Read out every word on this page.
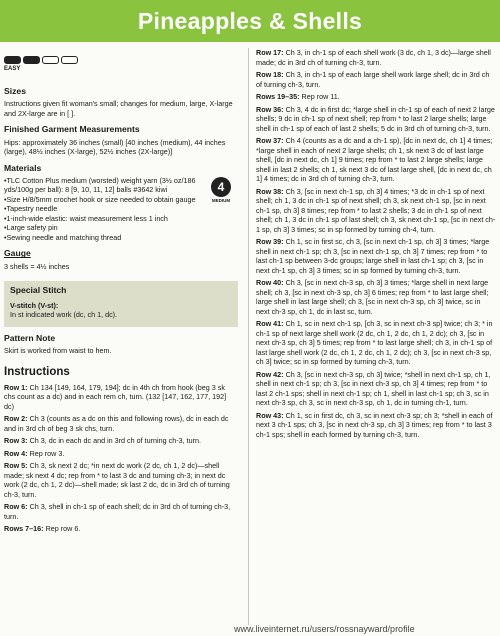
Pineapples & Shells
EASY
Sizes

Instructions given fit woman's small; changes for medium, large, X-large and 2X-large are in [ ].

Finished Garment Measurements

Hips: approximately 36 inches (small) [40 inches (medium), 44 inches (large), 48½ inches (X-large), 52½ inches (2X-large)]

Materials
4
MEDIUM
•TLC Cotton Plus medium (worsted) weight yarn (3½ oz/186 yds/100g per ball): 8 [9, 10, 11, 12] balls #3642 kiwi
•Size H/8/5mm crochet hook or size needed to obtain gauge
•Tapestry needle
•1-inch-wide elastic: waist measurement less 1 inch
•Large safety pin
•Sewing needle and matching thread
Gauge

3 shells = 4½ inches

Special Stitch

V-stitch (V-st):

In st indicated work (dc, ch 1, dc).

Pattern Note

Skirt is worked from waist to hem.

Instructions

Row 1: Ch 134 [149, 164, 179, 194]; dc in 4th ch from hook (beg 3 sk chs count as a dc) and in each rem ch, turn. (132 [147, 162, 177, 192] dc)

Row 2: Ch 3 (counts as a dc on this and following rows), dc in each dc and in 3rd ch of beg 3 sk chs, turn.

Row 3: Ch 3, dc in each dc and in 3rd ch of turning ch-3, turn.

Row 4: Rep row 3.

Row 5: Ch 3, sk next 2 dc; *in next dc work (2 dc, ch 1, 2 dc)—shell made; sk next 4 dc; rep from * to last 3 dc and turning ch-3; in next dc work (2 dc, ch 1, 2 dc)—shell made; sk last 2 dc, dc in 3rd ch of turning ch-3, turn.

Row 6: Ch 3, shell in ch-1 sp of each shell; dc in 3rd ch of turning ch-3, turn.

Rows 7–16: Rep row 6.

Row 17: Ch 3, in ch-1 sp of each shell work (3 dc, ch 1, 3 dc)—large shell made; dc in 3rd ch of turning ch-3, turn.

Row 18: Ch 3, in ch-1 sp of each large shell work large shell; dc in 3rd ch of turning ch-3, turn.

Rows 19–35: Rep row 11.

Row 36: Ch 3, 4 dc in first dc; *large shell in ch-1 sp of each of next 2 large shells; 9 dc in ch-1 sp of next shell; rep from * to last 2 large shells; large shell in ch-1 sp of each of last 2 shells; 5 dc in 3rd ch of turning ch-3, turn.

Row 37: Ch 4 (counts as a dc and a ch-1 sp), [dc in next dc, ch 1] 4 times; *large shell in each of next 2 large shells; ch 1, sk next 3 dc of last large shell, [dc in next dc, ch 1] 9 times; rep from * to last 2 large shells; large shell in last 2 shells; ch 1, sk next 3 dc of last large shell, [dc in next dc, ch 1] 4 times; dc in 3rd ch of turning ch-3, turn.

Row 38: Ch 3, [sc in next ch-1 sp, ch 3] 4 times; *3 dc in ch-1 sp of next shell; ch 1, 3 dc in ch-1 sp of next shell; ch 3, sk next ch-1 sp, [sc in next ch-1 sp, ch 3] 8 times; rep from * to last 2 shells; 3 dc in ch-1 sp of next shell; ch 1, 3 dc in ch-1 sp of last shell; ch 3, sk next ch-1 sp, [sc in next ch-1 sp, ch 3] 3 times; sc in sp formed by turning ch-4, turn.

Row 39: Ch 1, sc in first sc, ch 3, [sc in next ch-1 sp, ch 3] 3 times; *large shell in next ch-1 sp; ch 3, [sc in next ch-1 sp, ch 3] 7 times; rep from * to last ch-1 sp between 3-dc groups; large shell in last ch-1 sp; ch 3, [sc in next ch-1 sp, ch 3] 3 times; sc in sp formed by turning ch-3, turn.

Row 40: Ch 3, [sc in next ch-3 sp, ch 3] 3 times; *large shell in next large shell; ch 3, [sc in next ch-3 sp, ch 3] 6 times; rep from * to last large shell; large shell in last large shell; ch 3, [sc in next ch-3 sp, ch 3] twice, sc in next ch-3 sp, ch 1, dc in last sc, turn.

Row 41: Ch 1, sc in next ch-1 sp, [ch 3, sc in next ch-3 sp] twice; ch 3; * in ch-1 sp of next large shell work (2 dc, ch 1, 2 dc, ch 1, 2 dc); ch 3, [sc in next ch-3 sp, ch 3] 5 times; rep from * to last large shell; ch 3, in ch-1 sp of last large shell work (2 dc, ch 1, 2 dc, ch 1, 2 dc); ch 3, [sc in next ch-3 sp, ch 3] twice; sc in sp formed by turning ch-3, turn.

Row 42: Ch 3, [sc in next ch-3 sp, ch 3] twice; *shell in next ch-1 sp, ch 1, shell in next ch-1 sp; ch 3, [sc in next ch-3 sp, ch 3] 4 times; rep from * to last 2 ch-1 sps; shell in next ch-1 sp; ch 1, shell in last ch-1 sp; ch 3, sc in next ch-3 sp, ch 3, sc in next ch-3 sp, ch 1, dc in turning ch-1, turn.

Row 43: Ch 1, sc in first dc, ch 3, sc in next ch-3 sp; ch 3; *shell in each of next 3 ch-1 sps; ch 3, [sc in next ch-3 sp, ch 3] 3 times; rep from * to last 3 ch-1 sps; shell in each formed by turning ch-3, turn.

www.liveinternet.ru/users/rossnayward/profile
